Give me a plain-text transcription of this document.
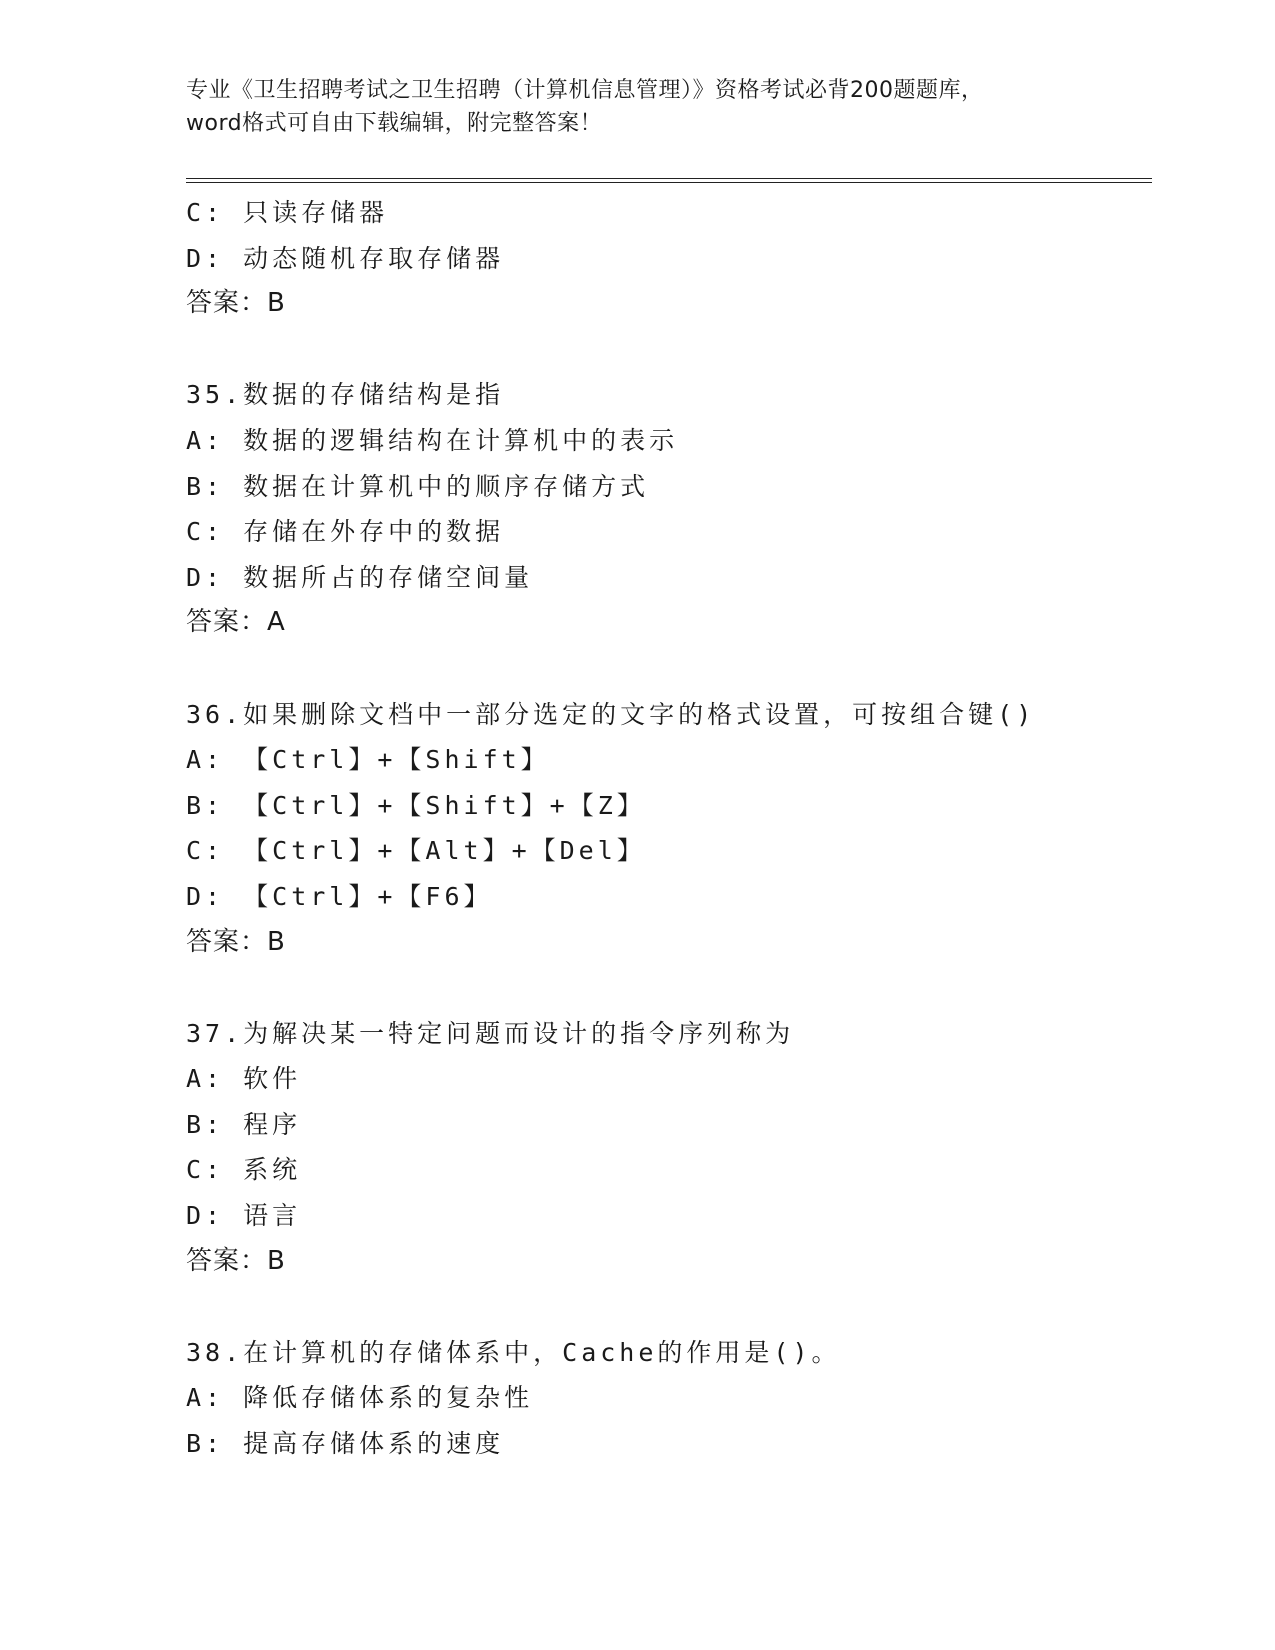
专业《卫生招聘考试之卫生招聘（计算机信息管理）》资格考试必背200题题库，
word格式可自由下载编辑，附完整答案！
C: 只读存储器
D: 动态随机存取存储器
答案：B
35.数据的存储结构是指
A: 数据的逻辑结构在计算机中的表示
B: 数据在计算机中的顺序存储方式
C: 存储在外存中的数据
D: 数据所占的存储空间量
答案：A
36.如果删除文档中一部分选定的文字的格式设置，可按组合键()
A: 【Ctrl】+【Shift】
B: 【Ctrl】+【Shift】+【Z】
C: 【Ctrl】+【Alt】+【Del】
D: 【Ctrl】+【F6】
答案：B
37.为解决某一特定问题而设计的指令序列称为
A: 软件
B: 程序
C: 系统
D: 语言
答案：B
38.在计算机的存储体系中，Cache的作用是()。
A: 降低存储体系的复杂性
B: 提高存储体系的速度
